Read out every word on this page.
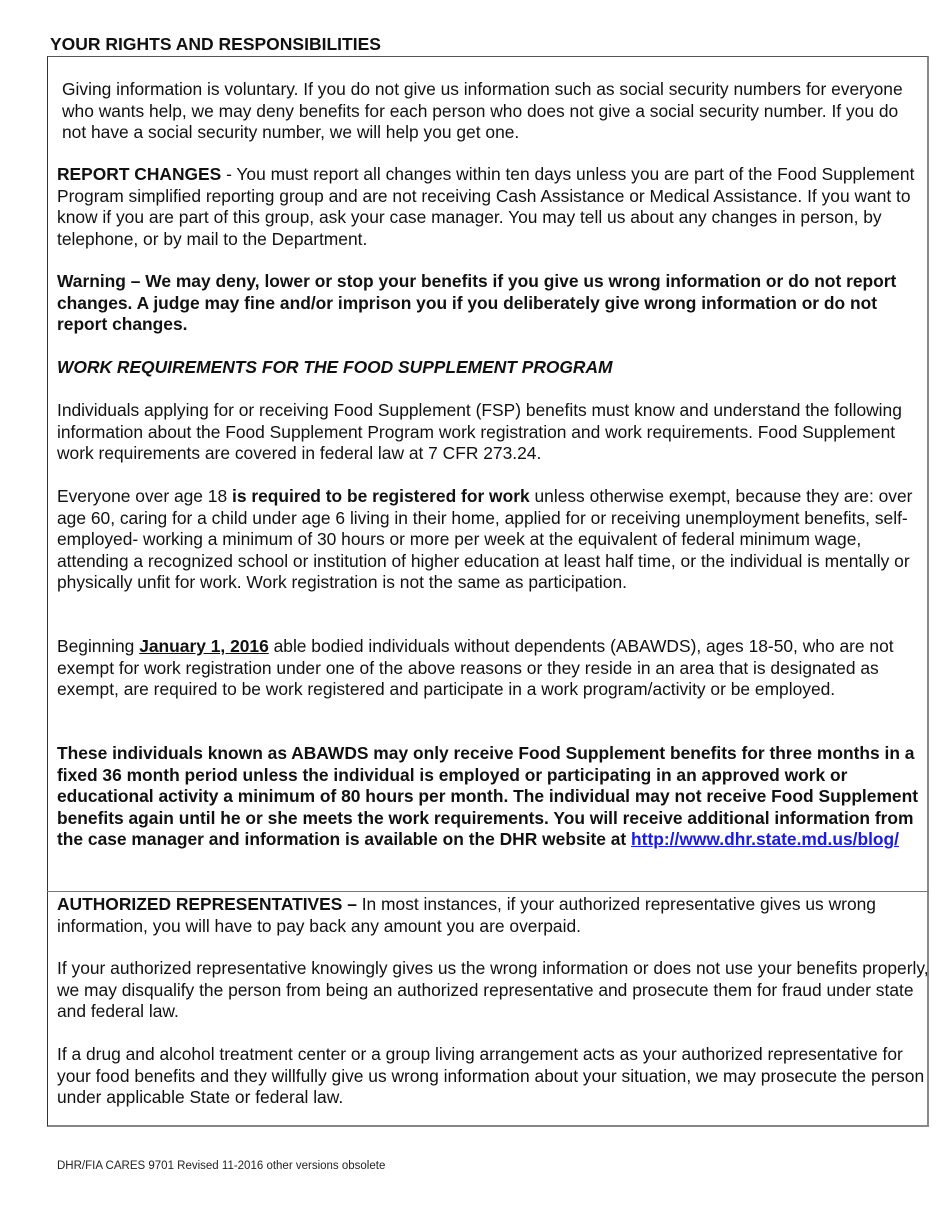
YOUR RIGHTS AND RESPONSIBILITIES

Giving information is voluntary. If you do not give us information such as social security numbers for everyone who wants help, we may deny benefits for each person who does not give a social security number. If you do not have a social security number, we will help you get one.

REPORT CHANGES - You must report all changes within ten days unless you are part of the Food Supplement Program simplified reporting group and are not receiving Cash Assistance or Medical Assistance. If you want to know if you are part of this group, ask your case manager. You may tell us about any changes in person, by telephone, or by mail to the Department.

Warning – We may deny, lower or stop your benefits if you give us wrong information or do not report changes. A judge may fine and/or imprison you if you deliberately give wrong information or do not report changes.

WORK REQUIREMENTS FOR THE FOOD SUPPLEMENT PROGRAM

Individuals applying for or receiving Food Supplement (FSP) benefits must know and understand the following information about the Food Supplement Program work registration and work requirements. Food Supplement work requirements are covered in federal law at 7 CFR 273.24.

Everyone over age 18 is required to be registered for work unless otherwise exempt, because they are: over age 60, caring for a child under age 6 living in their home, applied for or receiving unemployment benefits, self-employed- working a minimum of 30 hours or more per week at the equivalent of federal minimum wage, attending a recognized school or institution of higher education at least half time, or the individual is mentally or physically unfit for work. Work registration is not the same as participation.

Beginning January 1, 2016 able bodied individuals without dependents (ABAWDS), ages 18-50, who are not exempt for work registration under one of the above reasons or they reside in an area that is designated as exempt, are required to be work registered and participate in a work program/activity or be employed.

These individuals known as ABAWDS may only receive Food Supplement benefits for three months in a fixed 36 month period unless the individual is employed or participating in an approved work or educational activity a minimum of 80 hours per month. The individual may not receive Food Supplement benefits again until he or she meets the work requirements. You will receive additional information from the case manager and information is available on the DHR website at http://www.dhr.state.md.us/blog/

AUTHORIZED REPRESENTATIVES – In most instances, if your authorized representative gives us wrong information, you will have to pay back any amount you are overpaid.

If your authorized representative knowingly gives us the wrong information or does not use your benefits properly, we may disqualify the person from being an authorized representative and prosecute them for fraud under state and federal law.

If a drug and alcohol treatment center or a group living arrangement acts as your authorized representative for your food benefits and they willfully give us wrong information about your situation, we may prosecute the person under applicable State or federal law.

DHR/FIA CARES 9701 Revised 11-2016 other versions obsolete
